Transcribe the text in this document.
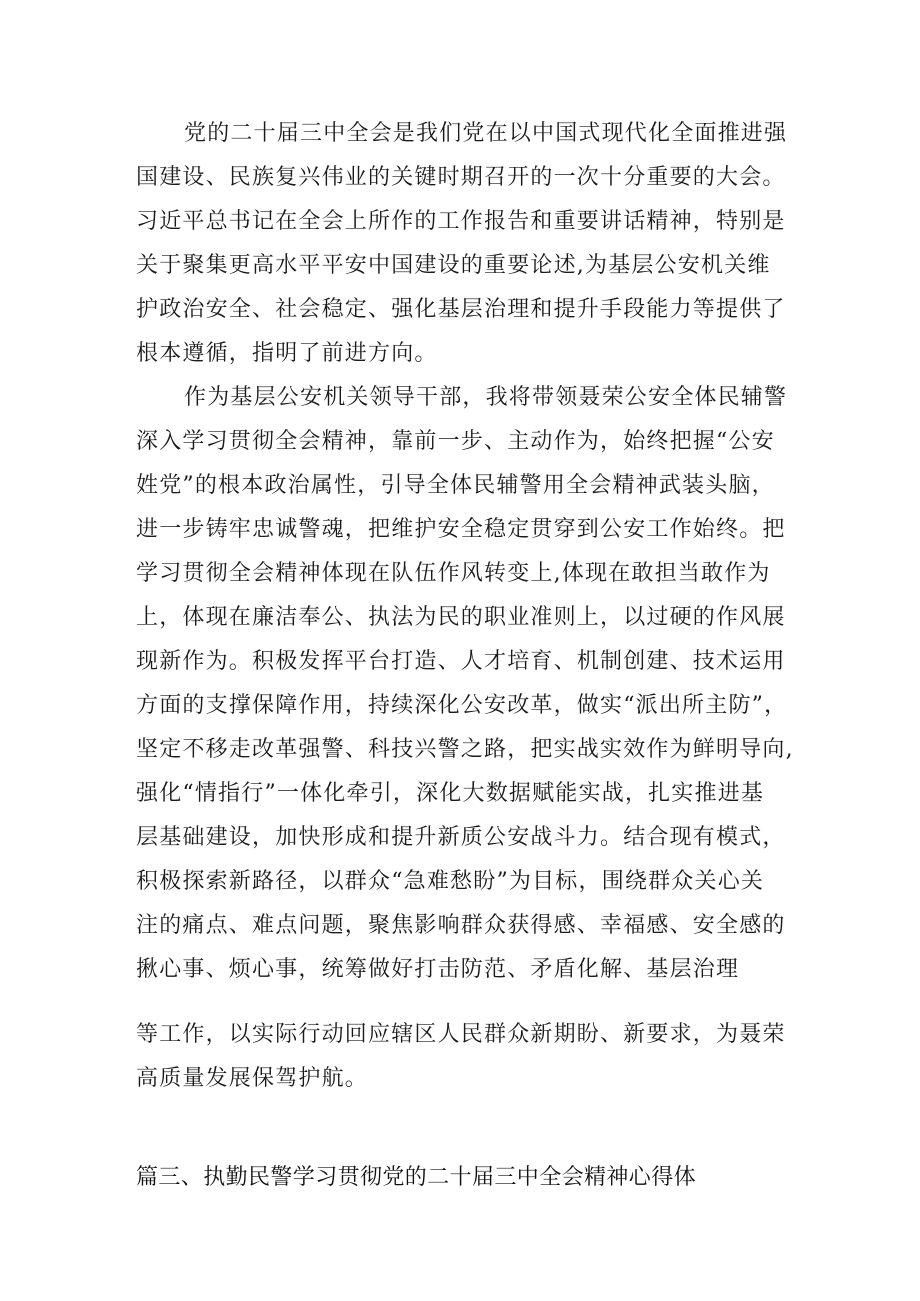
党的二十届三中全会是我们党在以中国式现代化全面推进强
国建设、民族复兴伟业的关键时期召开的一次十分重要的大会。
习近平总书记在全会上所作的工作报告和重要讲话精神，特别是
关于聚集更高水平平安中国建设的重要论述,为基层公安机关维
护政治安全、社会稳定、强化基层治理和提升手段能力等提供了
根本遵循，指明了前进方向。
作为基层公安机关领导干部，我将带领聂荣公安全体民辅警
深入学习贯彻全会精神，靠前一步、主动作为，始终把握“公安
姓党”的根本政治属性，引导全体民辅警用全会精神武装头脑，
进一步铸牢忠诚警魂，把维护安全稳定贯穿到公安工作始终。把
学习贯彻全会精神体现在队伍作风转变上,体现在敢担当敢作为
上，体现在廉洁奉公、执法为民的职业准则上，以过硬的作风展
现新作为。积极发挥平台打造、人才培育、机制创建、技术运用
方面的支撑保障作用，持续深化公安改革，做实“派出所主防”，
坚定不移走改革强警、科技兴警之路，把实战实效作为鲜明导向,
强化“情指行”一体化牵引，深化大数据赋能实战，扎实推进基
层基础建设，加快形成和提升新质公安战斗力。结合现有模式，
积极探索新路径，以群众“急难愁盼”为目标，围绕群众关心关
注的痛点、难点问题，聚焦影响群众获得感、幸福感、安全感的
揪心事、烦心事，统筹做好打击防范、矛盾化解、基层治理
等工作，以实际行动回应辖区人民群众新期盼、新要求，为聂荣
高质量发展保驾护航。
篇三、执勤民警学习贯彻党的二十届三中全会精神心得体
